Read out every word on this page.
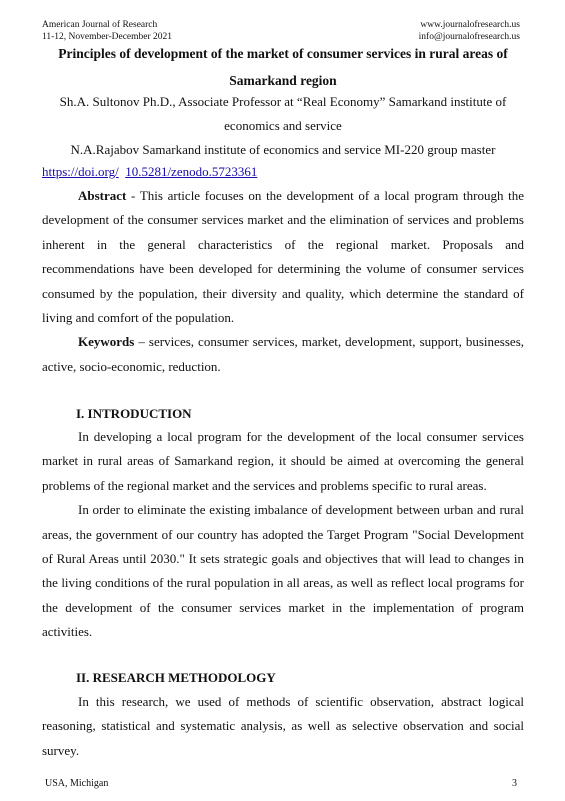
American Journal of Research
11-12, November-December 2021
www.journalofresearch.us
info@journalofresearch.us
Principles of development of the market of consumer services in rural areas of Samarkand region
Sh.A. Sultonov Ph.D., Associate Professor at “Real Economy” Samarkand institute of economics and service
N.A.Rajabov Samarkand institute of economics and service MI-220 group master
https://doi.org/ 10.5281/zenodo.5723361

Abstract - This article focuses on the development of a local program through the development of the consumer services market and the elimination of services and problems inherent in the general characteristics of the regional market. Proposals and recommendations have been developed for determining the volume of consumer services consumed by the population, their diversity and quality, which determine the standard of living and comfort of the population.

Keywords – services, consumer services, market, development, support, businesses, active, socio-economic, reduction.

I. INTRODUCTION

In developing a local program for the development of the local consumer services market in rural areas of Samarkand region, it should be aimed at overcoming the general problems of the regional market and the services and problems specific to rural areas.

In order to eliminate the existing imbalance of development between urban and rural areas, the government of our country has adopted the Target Program "Social Development of Rural Areas until 2030." It sets strategic goals and objectives that will lead to changes in the living conditions of the rural population in all areas, as well as reflect local programs for the development of the consumer services market in the implementation of program activities.

II. RESEARCH METHODOLOGY

In this research, we used of methods of scientific observation, abstract logical reasoning, statistical and systematic analysis, as well as selective observation and social survey.

USA, Michigan	3
